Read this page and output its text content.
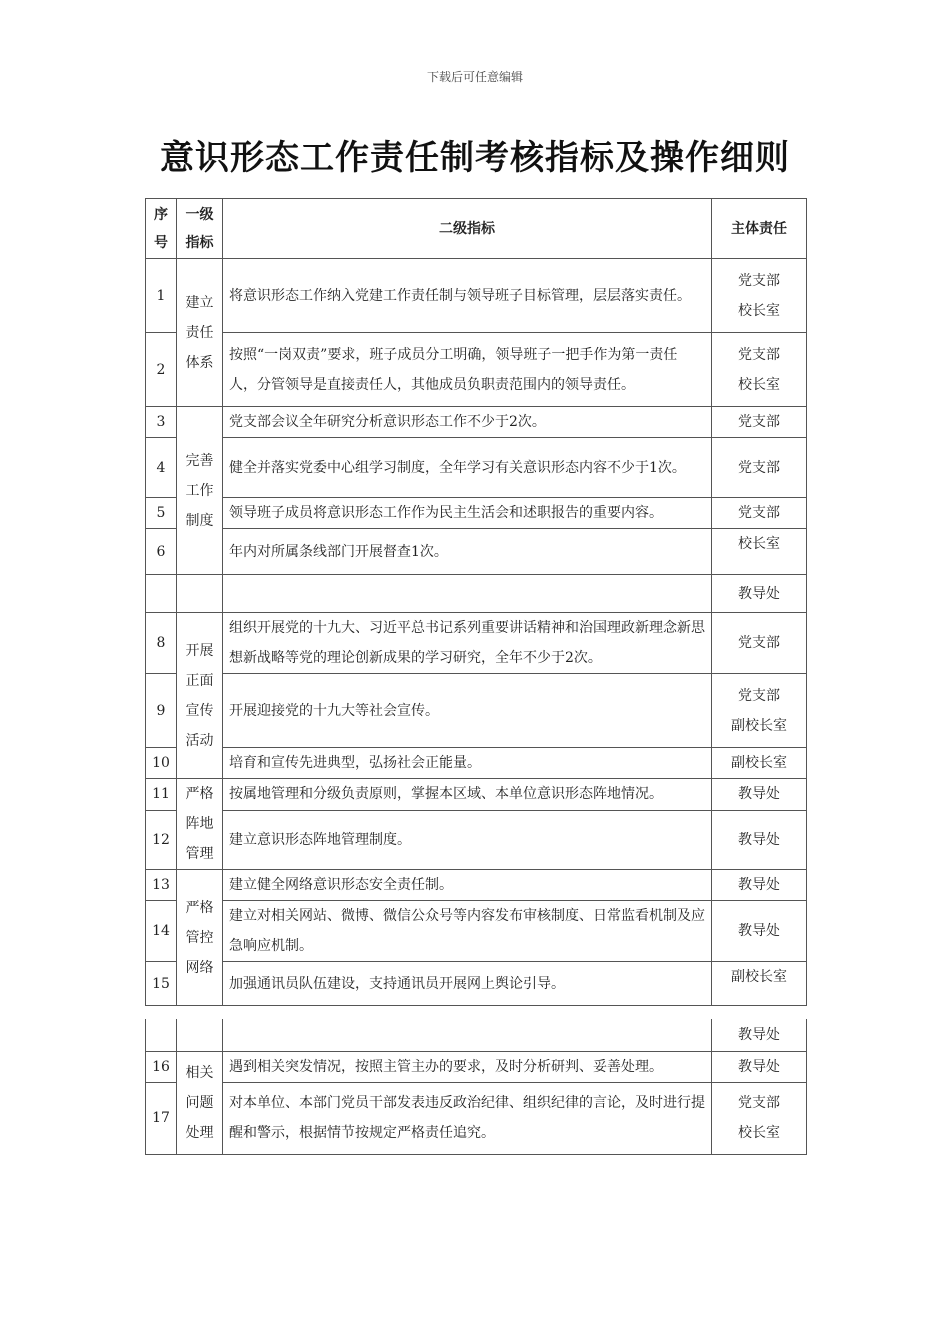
下载后可任意编辑
意识形态工作责任制考核指标及操作细则
序号	一级指标	二级指标	主体责任
1	建立
责任
体系	将意识形态工作纳入党建工作责任制与领导班子目标管理，层层落实责任。	党支部
校长室

2		按照“一岗双责”要求，班子成员分工明确，领导班子一把手作为第一责任人，分管领导是直接责任人，其他成员负职责范围内的领导责任。	党支部
校长室

3	完善
工作
制度	党支部会议全年研究分析意识形态工作不少于2次。	党支部
4		健全并落实党委中心组学习制度，全年学习有关意识形态内容不少于1次。	党支部
5		领导班子成员将意识形态工作作为民主生活会和述职报告的重要内容。	党支部
6		年内对所属条线部门开展督查1次。	校长室
			教导处
8	开展
正面
宣传
活动	组织开展党的十九大、习近平总书记系列重要讲话精神和治国理政新理念新思想新战略等党的理论创新成果的学习研究，全年不少于2次。	党支部
9		开展迎接党的十九大等社会宣传。	党支部
副校长室

10		培育和宣传先进典型，弘扬社会正能量。	副校长室
11	严格
阵地
管理	按属地管理和分级负责原则，掌握本区域、本单位意识形态阵地情况。	教导处
12		建立意识形态阵地管理制度。	教导处
13	严格
管控
网络	建立健全网络意识形态安全责任制。	教导处
14		建立对相关网站、微博、微信公众号等内容发布审核制度、日常监看机制及应急响应机制。	教导处
15		加强通讯员队伍建设，支持通讯员开展网上舆论引导。	副校长室
			教导处
16	相关
问题
处理	遇到相关突发情况，按照主管主办的要求，及时分析研判、妥善处理。	教导处
17		对本单位、本部门党员干部发表违反政治纪律、组织纪律的言论，及时进行提醒和警示，根据情节按规定严格责任追究。	党支部
校长室
